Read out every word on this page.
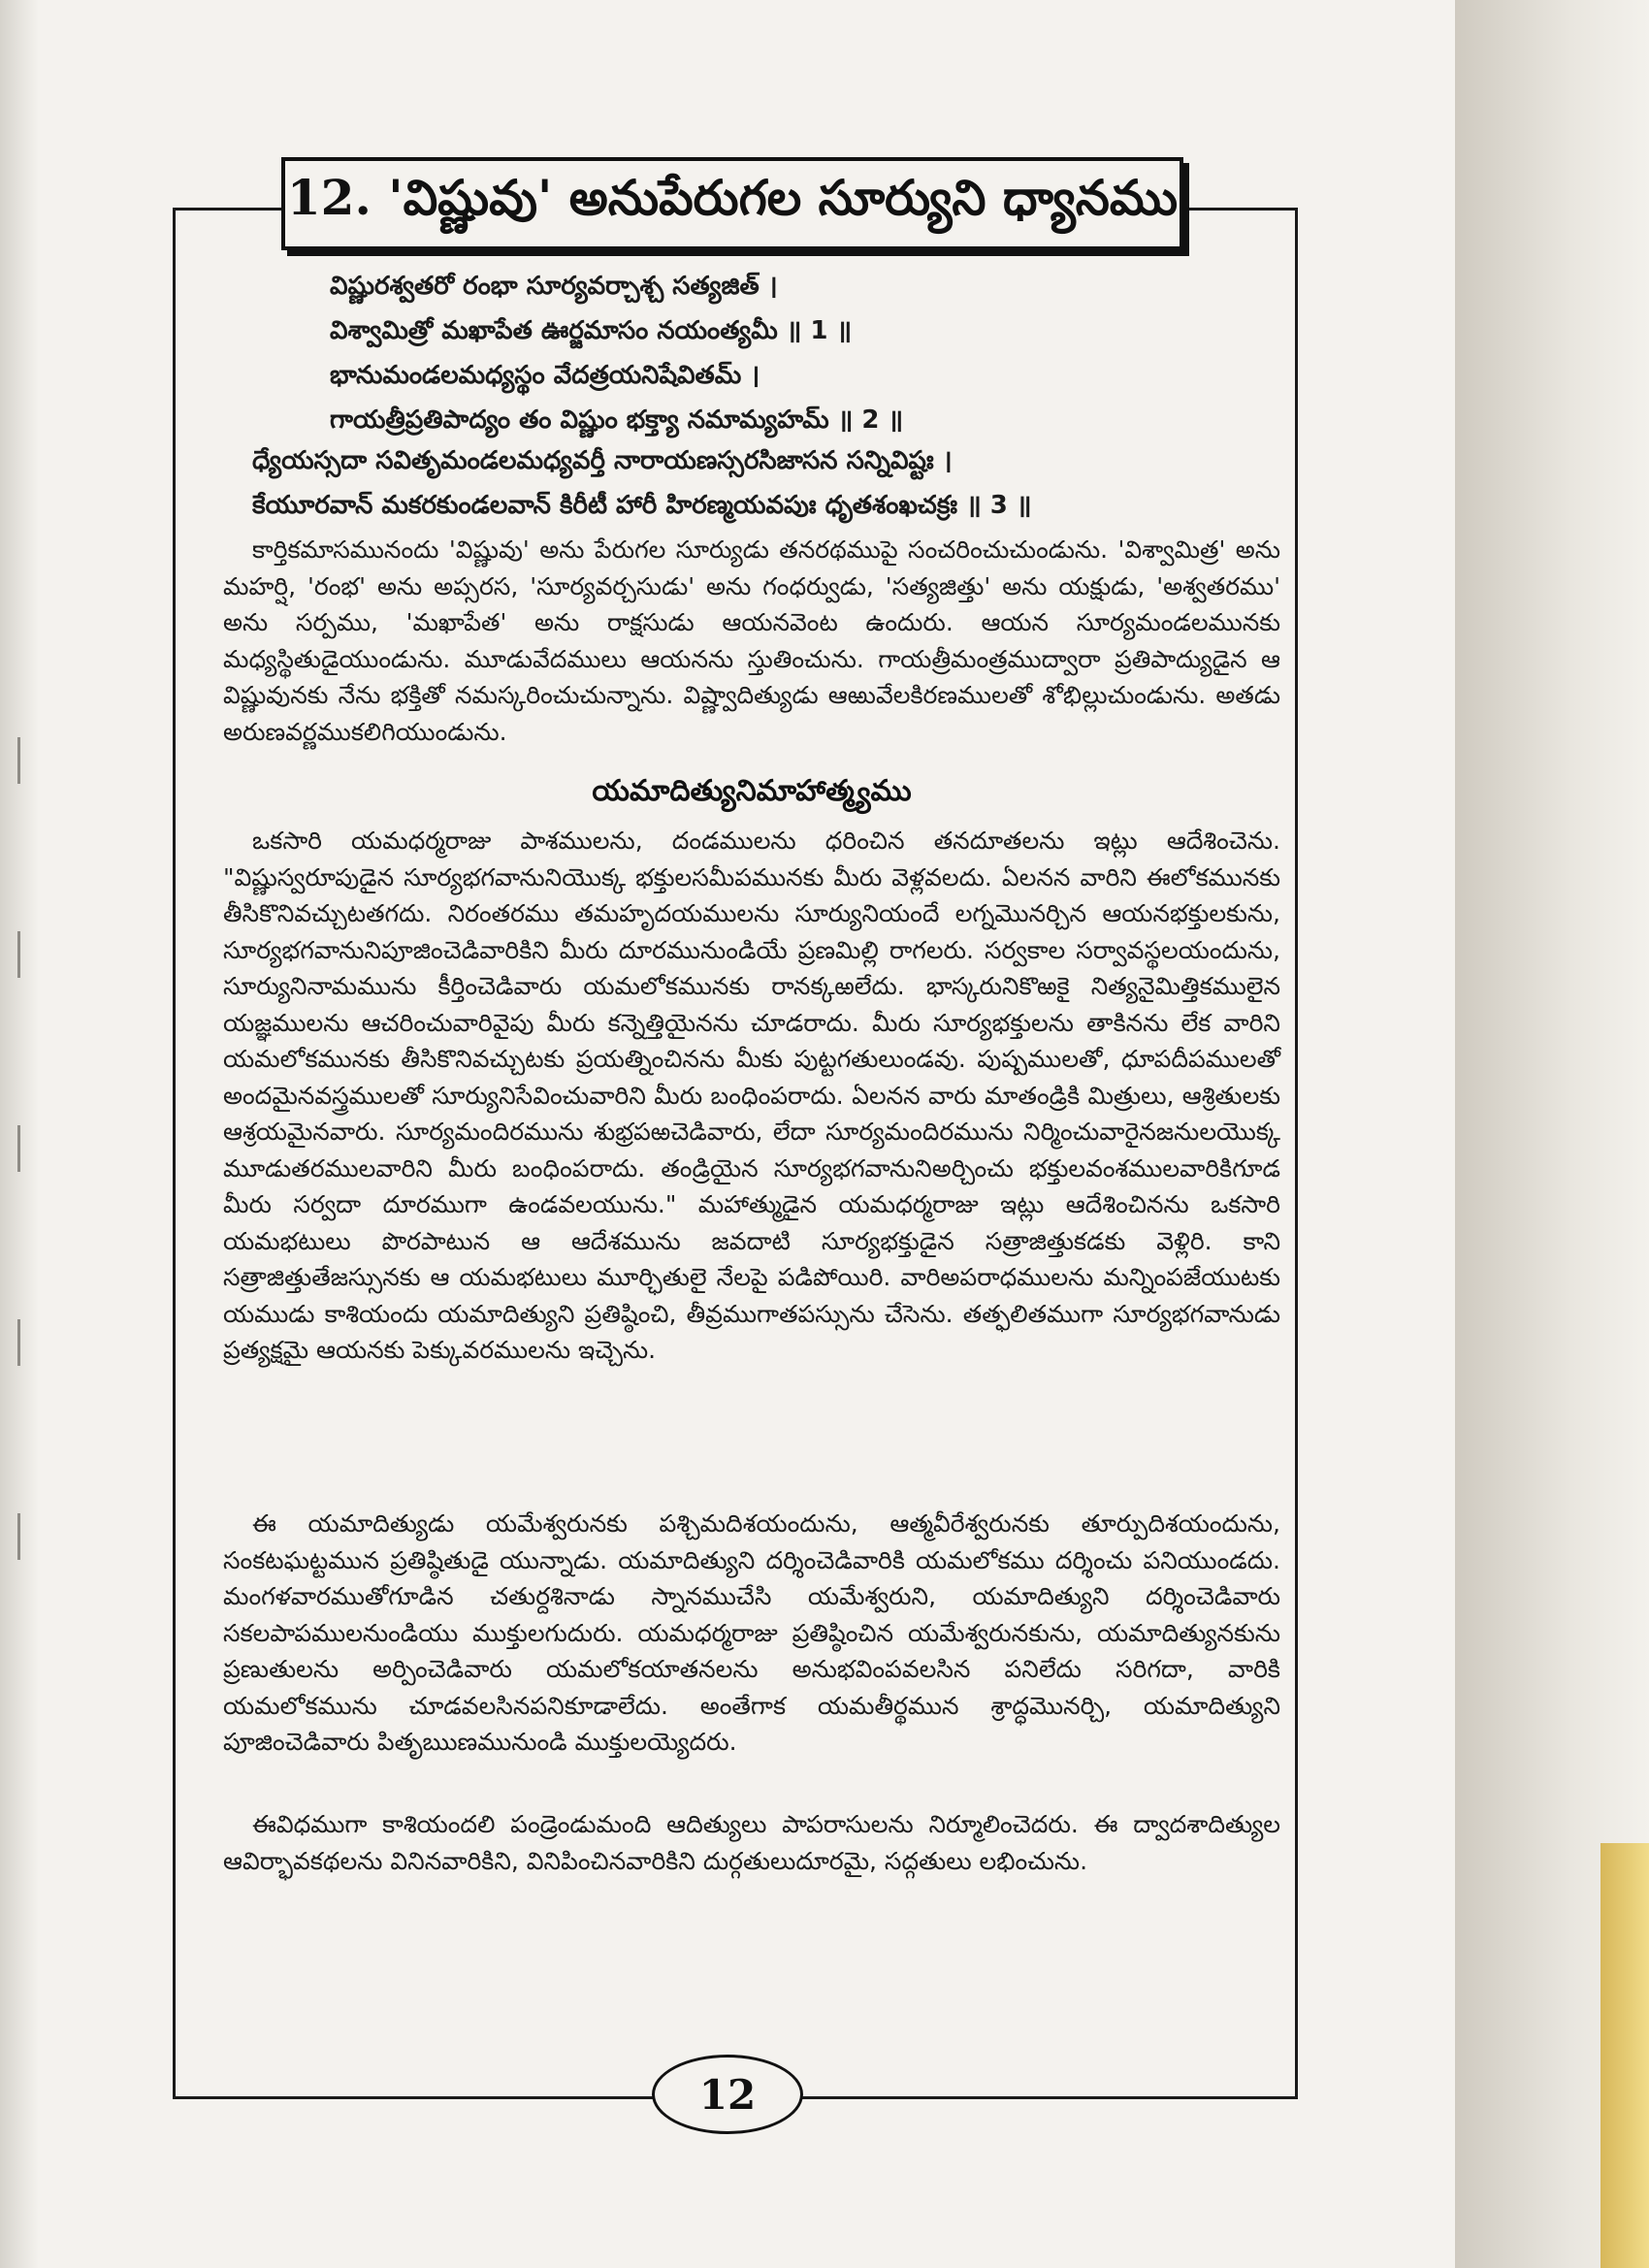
12. 'విష్ణువు' అనుపేరుగల సూర్యుని ధ్యానము
విష్ణురశ్వతరో రంభా సూర్యవర్చాశ్చ సత్యజిత్ ।
విశ్వామిత్రో మఖాపేత ఊర్జమాసం నయంత్యమీ ॥ 1 ॥
భానుమండలమధ్యస్థం వేదత్రయనిషేవితమ్ ।
గాయత్రీప్రతిపాద్యం తం విష్ణుం భక్త్యా నమామ్యహమ్ ॥ 2 ॥
ధ్యేయస్సదా సవితృమండలమధ్యవర్తీ నారాయణస్సరసిజాసన సన్నివిష్టః ।
కేయూరవాన్ మకరకుండలవాన్ కిరీటీ హారీ హిరణ్మయవపుః ధృతశంఖచక్రః ॥ 3 ॥

కార్తికమాసమునందు 'విష్ణువు' అను పేరుగల సూర్యుడు తనరథముపై సంచరించుచుండును. 'విశ్వామిత్ర' అను మహర్షి, 'రంభ' అను అప్సరస, 'సూర్యవర్చసుడు' అను గంధర్వుడు, 'సత్యజిత్తు' అను యక్షుడు, 'అశ్వతరము' అను సర్పము, 'మఖాపేత' అను రాక్షసుడు ఆయనవెంట ఉందురు. ఆయన సూర్యమండలమునకు మధ్యస్థితుడైయుండును. మూడువేదములు ఆయనను స్తుతించును. గాయత్రీమంత్రముద్వారా ప్రతిపాద్యుడైన ఆ విష్ణువునకు నేను భక్తితో నమస్కరించుచున్నాను. విష్ణ్వాదిత్యుడు ఆఱువేలకిరణములతో శోభిల్లుచుండును. అతడు అరుణవర్ణముకలిగియుండును.

యమాదిత్యునిమాహాత్మ్యము

ఒకసారి యమధర్మరాజు పాశములను, దండములను ధరించిన తనదూతలను ఇట్లు ఆదేశించెను. "విష్ణుస్వరూపుడైన సూర్యభగవానునియొక్క భక్తులసమీపమునకు మీరు వెళ్లవలదు. ఏలనన వారిని ఈలోకమునకు తీసికొనివచ్చుటతగదు. నిరంతరము తమహృదయములను సూర్యునియందే లగ్నమొనర్చిన ఆయనభక్తులకును, సూర్యభగవానునిపూజించెడివారికిని మీరు దూరమునుండియే ప్రణమిల్లి రాగలరు. సర్వకాల సర్వావస్థలయందును, సూర్యునినామమును కీర్తించెడివారు యమలోకమునకు రానక్కఱలేదు. భాస్కరునికొఱకై నిత్యనైమిత్తికములైన యజ్ఞములను ఆచరించువారివైపు మీరు కన్నెత్తియైనను చూడరాదు. మీరు సూర్యభక్తులను తాకినను లేక వారిని యమలోకమునకు తీసికొనివచ్చుటకు ప్రయత్నించినను మీకు పుట్టగతులుండవు. పుష్పములతో, ధూపదీపములతో అందమైనవస్త్రములతో సూర్యునిసేవించువారిని మీరు బంధింపరాదు. ఏలనన వారు మాతండ్రికి మిత్రులు, ఆశ్రితులకు ఆశ్రయమైనవారు. సూర్యమందిరమును శుభ్రపఱచెడివారు, లేదా సూర్యమందిరమును నిర్మించువారైనజనులయొక్క మూడుతరములవారిని మీరు బంధింపరాదు. తండ్రియైన సూర్యభగవానునిఅర్చించు భక్తులవంశములవారికిగూడ మీరు సర్వదా దూరముగా ఉండవలయును." మహాత్ముడైన యమధర్మరాజు ఇట్లు ఆదేశించినను ఒకసారి యమభటులు పొరపాటున ఆ ఆదేశమును జవదాటి సూర్యభక్తుడైన సత్రాజిత్తుకడకు వెళ్లిరి. కాని సత్రాజిత్తుతేజస్సునకు ఆ యమభటులు మూర్ఛితులై నేలపై పడిపోయిరి. వారిఅపరాధములను మన్నింపజేయుటకు యముడు కాశియందు యమాదిత్యుని ప్రతిష్ఠించి, తీవ్రముగాతపస్సును చేసెను. తత్ఫలితముగా సూర్యభగవానుడు ప్రత్యక్షమై ఆయనకు పెక్కువరములను ఇచ్చెను.

ఈ యమాదిత్యుడు యమేశ్వరునకు పశ్చిమదిశయందును, ఆత్మవీరేశ్వరునకు తూర్పుదిశయందును, సంకటఘట్టమున ప్రతిష్ఠితుడై యున్నాడు. యమాదిత్యుని దర్శించెడివారికి యమలోకము దర్శించు పనియుండదు. మంగళవారముతోగూడిన చతుర్దశినాడు స్నానముచేసి యమేశ్వరుని, యమాదిత్యుని దర్శించెడివారు సకలపాపములనుండియు ముక్తులగుదురు. యమధర్మరాజు ప్రతిష్ఠించిన యమేశ్వరునకును, యమాదిత్యునకును ప్రణుతులను అర్పించెడివారు యమలోకయాతనలను అనుభవింపవలసిన పనిలేదు సరిగదా, వారికి యమలోకమును చూడవలసినపనికూడాలేదు. అంతేగాక యమతీర్థమున శ్రాద్ధమొనర్చి, యమాదిత్యుని పూజించెడివారు పితృఋణమునుండి ముక్తులయ్యెదరు.

ఈవిధముగా కాశియందలి పండ్రెండుమంది ఆదిత్యులు పాపరాసులను నిర్మూలించెదరు. ఈ ద్వాదశాదిత్యుల ఆవిర్భావకథలను వినినవారికిని, వినిపించినవారికిని దుర్గతులుదూరమై, సద్గతులు లభించును.

12
